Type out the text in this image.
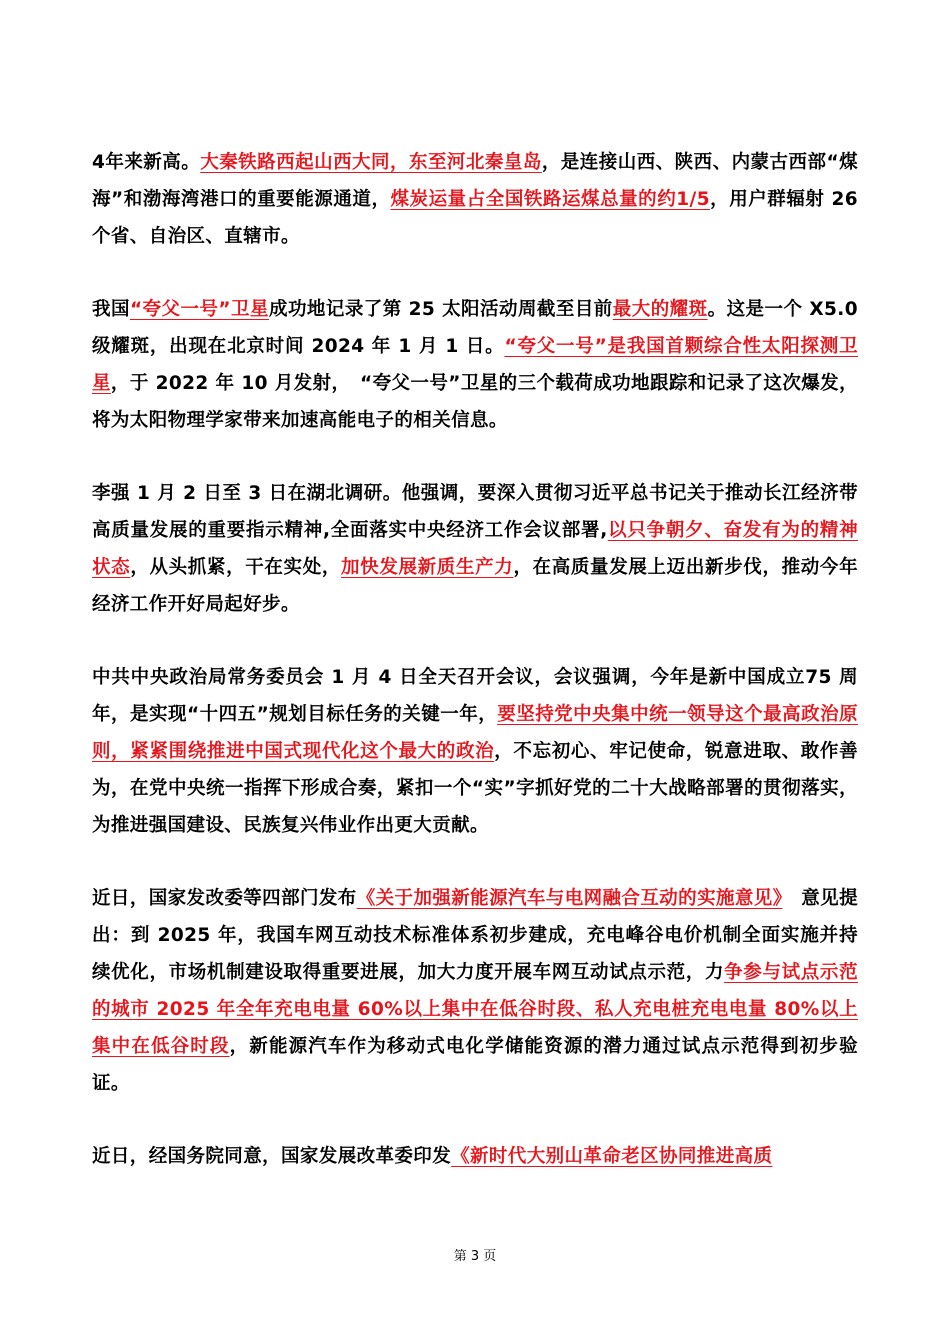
4年来新高。大秦铁路西起山西大同，东至河北秦皇岛，是连接山西、陕西、内蒙古西部“煤海”和渤海湾港口的重要能源通道，煤炭运量占全国铁路运煤总量的约1/5，用户群辐射 26 个省、自治区、直辖市。

我国“夸父一号”卫星成功地记录了第 25 太阳活动周截至目前最大的耀斑。这是一个 X5.0 级耀斑，出现在北京时间 2024 年 1 月 1 日。“夸父一号”是我国首颗综合性太阳探测卫星，于 2022 年 10 月发射，　“夸父一号”卫星的三个载荷成功地跟踪和记录了这次爆发，将为太阳物理学家带来加速高能电子的相关信息。

李强 1 月 2 日至 3 日在湖北调研。他强调，要深入贯彻习近平总书记关于推动长江经济带高质量发展的重要指示精神,全面落实中央经济工作会议部署,以只争朝夕、奋发有为的精神状态，从头抓紧，干在实处，加快发展新质生产力，在高质量发展上迈出新步伐，推动今年经济工作开好局起好步。

中共中央政治局常务委员会 1 月 4 日全天召开会议，会议强调，今年是新中国成立75 周年，是实现“十四五”规划目标任务的关键一年，要坚持党中央集中统一领导这个最高政治原则，紧紧围绕推进中国式现代化这个最大的政治，不忘初心、牢记使命，锐意进取、敢作善为，在党中央统一指挥下形成合奏，紧扣一个“实”字抓好党的二十大战略部署的贯彻落实，为推进强国建设、民族复兴伟业作出更大贡献。

近日，国家发改委等四部门发布《关于加强新能源汽车与电网融合互动的实施意见》　意见提出：到 2025 年，我国车网互动技术标准体系初步建成，充电峰谷电价机制全面实施并持续优化，市场机制建设取得重要进展，加大力度开展车网互动试点示范，力争参与试点示范的城市 2025 年全年充电电量 60%以上集中在低谷时段、私人充电桩充电电量 80%以上集中在低谷时段，新能源汽车作为移动式电化学储能资源的潜力通过试点示范得到初步验证。

近日，经国务院同意，国家发展改革委印发《新时代大别山革命老区协同推进高质

第 3 页
